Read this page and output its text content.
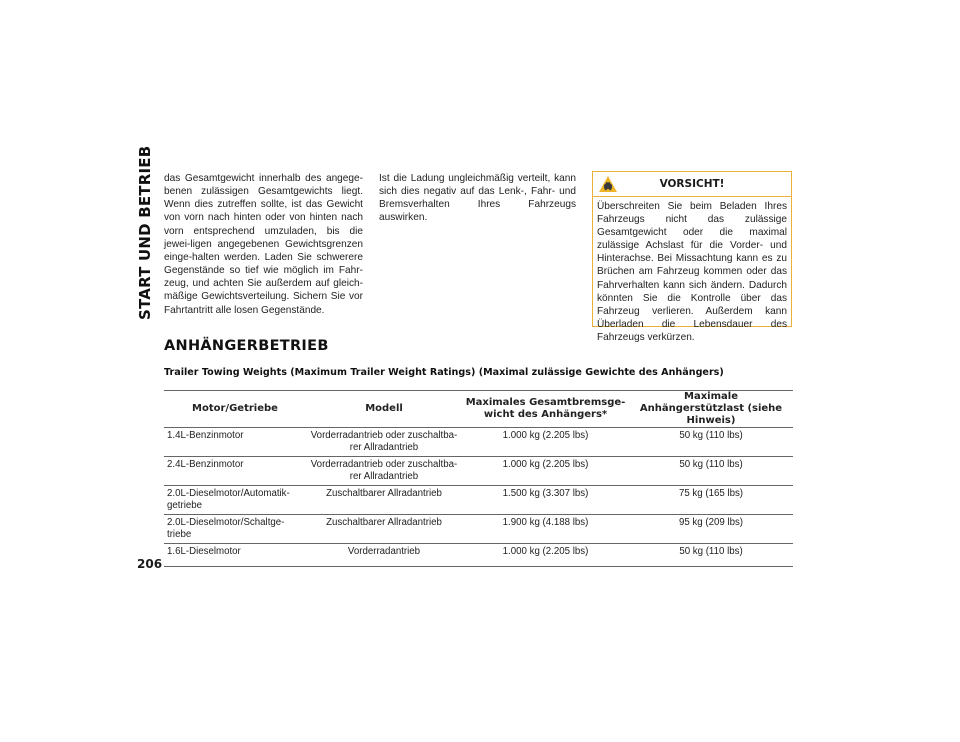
START UND BETRIEB
206
das Gesamtgewicht innerhalb des angege-benen zulässigen Gesamtgewichts liegt. Wenn dies zutreffen sollte, ist das Gewicht von vorn nach hinten oder von hinten nach vorn entsprechend umzuladen, bis die jewei-ligen angegebenen Gewichtsgrenzen einge-halten werden. Laden Sie schwerere Gegenstände so tief wie möglich im Fahr-zeug, und achten Sie außerdem auf gleich-mäßige Gewichtsverteilung. Sichern Sie vor Fahrtantritt alle losen Gegenstände.
Ist die Ladung ungleichmäßig verteilt, kann sich dies negativ auf das Lenk-, Fahr- und Bremsverhalten Ihres Fahrzeugs auswirken.
VORSICHT!
Überschreiten Sie beim Beladen Ihres Fahrzeugs nicht das zulässige Gesamtgewicht oder die maximal zulässige Achslast für die Vorder- und Hinterachse. Bei Missachtung kann es zu Brüchen am Fahrzeug kommen oder das Fahrverhalten kann sich ändern. Dadurch könnten Sie die Kontrolle über das Fahrzeug verlieren. Außerdem kann Überladen die Lebensdauer des Fahrzeugs verkürzen.
ANHÄNGERBETRIEB
Trailer Towing Weights (Maximum Trailer Weight Ratings) (Maximal zulässige Gewichte des Anhängers)
Motor/Getriebe	Modell	Maximales Gesamtbremsge-wicht des Anhängers*	Maximale Anhängerstützlast (siehe Hinweis)
1.4L-Benzinmotor	Vorderradantrieb oder zuschaltba-rer Allradantrieb	1.000 kg (2.205 lbs)	50 kg (110 lbs)
2.4L-Benzinmotor	Vorderradantrieb oder zuschaltba-rer Allradantrieb	1.000 kg (2.205 lbs)	50 kg (110 lbs)
2.0L-Dieselmotor/Automatik-getriebe	Zuschaltbarer Allradantrieb	1.500 kg (3.307 lbs)	75 kg (165 lbs)
2.0L-Dieselmotor/Schaltge-triebe	Zuschaltbarer Allradantrieb	1.900 kg (4.188 lbs)	95 kg (209 lbs)
1.6L-Dieselmotor	Vorderradantrieb	1.000 kg (2.205 lbs)	50 kg (110 lbs)
